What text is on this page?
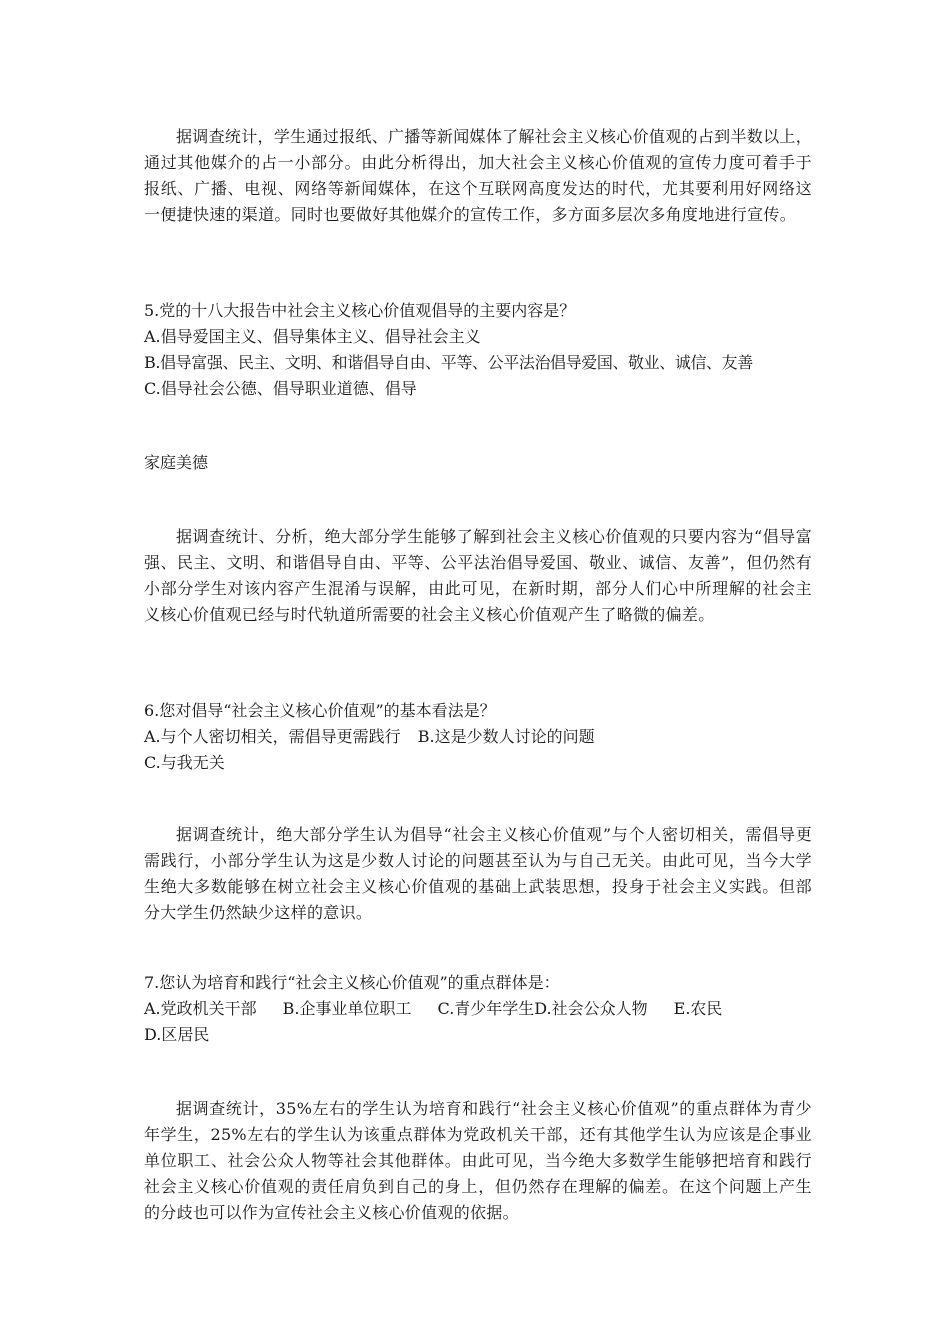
据调查统计，学生通过报纸、广播等新闻媒体了解社会主义核心价值观的占到半数以上，通过其他媒介的占一小部分。由此分析得出，加大社会主义核心价值观的宣传力度可着手于报纸、广播、电视、网络等新闻媒体，在这个互联网高度发达的时代，尤其要利用好网络这一便捷快速的渠道。同时也要做好其他媒介的宣传工作，多方面多层次多角度地进行宣传。
5.党的十八大报告中社会主义核心价值观倡导的主要内容是？
A.倡导爱国主义、倡导集体主义、倡导社会主义
B.倡导富强、民主、文明、和谐倡导自由、平等、公平法治倡导爱国、敬业、诚信、友善
C.倡导社会公德、倡导职业道德、倡导
家庭美德
据调查统计、分析，绝大部分学生能够了解到社会主义核心价值观的只要内容为“倡导富强、民主、文明、和谐倡导自由、平等、公平法治倡导爱国、敬业、诚信、友善”，但仍然有小部分学生对该内容产生混淆与误解，由此可见，在新时期，部分人们心中所理解的社会主义核心价值观已经与时代轨道所需要的社会主义核心价值观产生了略微的偏差。
6.您对倡导“社会主义核心价值观”的基本看法是？
A.与个人密切相关，需倡导更需践行 B.这是少数人讨论的问题
C.与我无关
据调查统计，绝大部分学生认为倡导“社会主义核心价值观”与个人密切相关，需倡导更需践行，小部分学生认为这是少数人讨论的问题甚至认为与自己无关。由此可见，当今大学生绝大多数能够在树立社会主义核心价值观的基础上武装思想，投身于社会主义实践。但部分大学生仍然缺少这样的意识。
7.您认为培育和践行“社会主义核心价值观”的重点群体是：
A.党政机关干部 B.企事业单位职工 C.青少年学生D.社会公众人物 E.农民
D.区居民
据调查统计，35%左右的学生认为培育和践行“社会主义核心价值观”的重点群体为青少年学生，25%左右的学生认为该重点群体为党政机关干部，还有其他学生认为应该是企事业单位职工、社会公众人物等社会其他群体。由此可见，当今绝大多数学生能够把培育和践行社会主义核心价值观的责任肩负到自己的身上，但仍然存在理解的偏差。在这个问题上产生的分歧也可以作为宣传社会主义核心价值观的依据。
